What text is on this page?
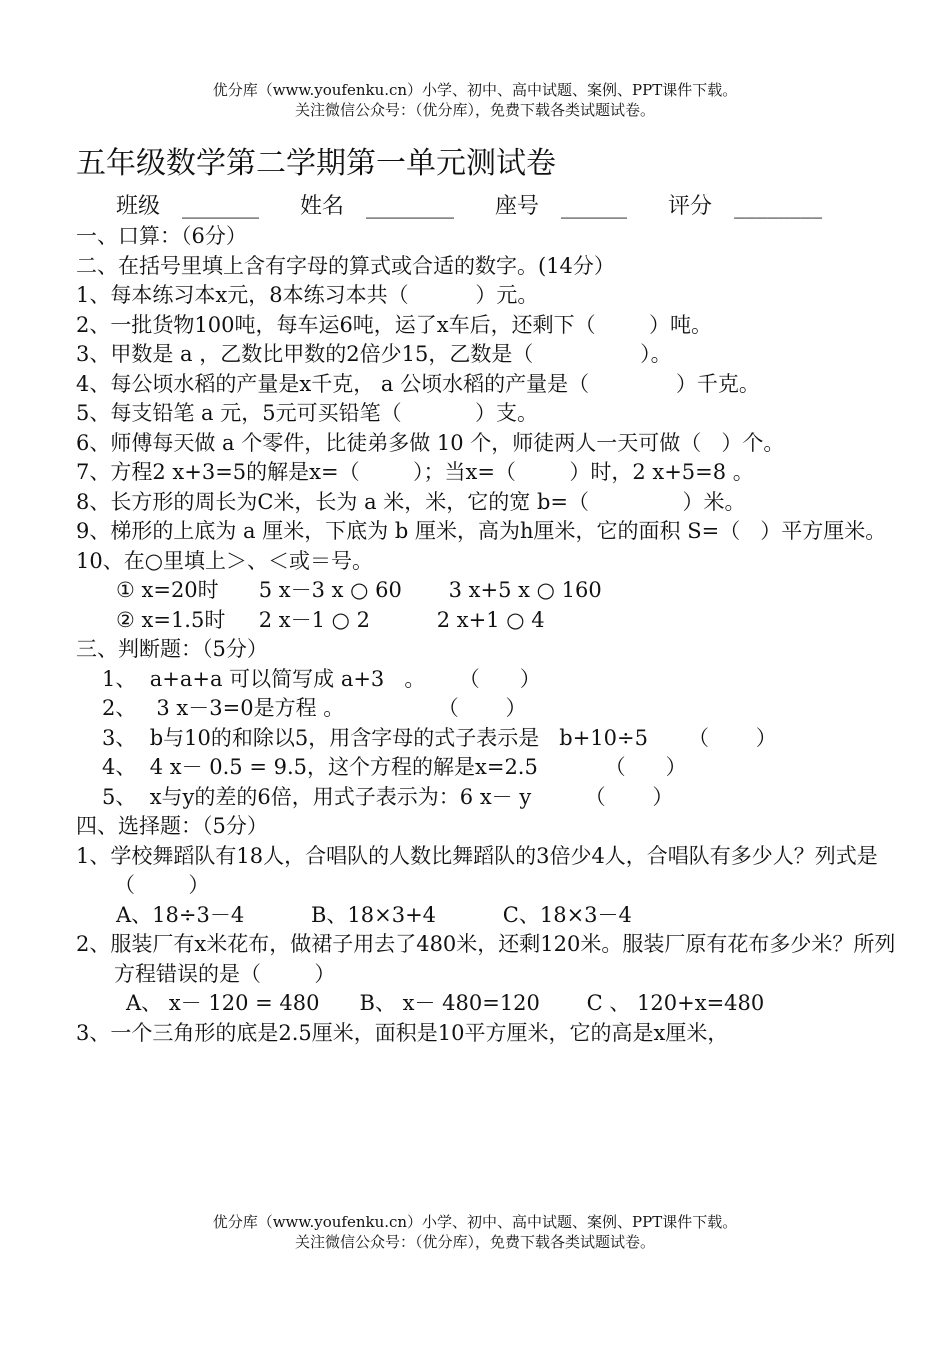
优分库（www.youfenku.cn）小学、初中、高中试题、案例、PPT课件下载。
关注微信公众号：（优分库），免费下载各类试题试卷。
五年级数学第二学期第一单元测试卷
班级 _______ 姓名 ________ 座号 ______ 评分 ________
一、口算：（6分）
二、在括号里填上含有字母的算式或合适的数字。(14分）
1、每本练习本x元，8本练习本共（          ）元。
2、一批货物100吨，每车运6吨，运了x车后，还剩下（        ）吨。
3、甲数是 a ，乙数比甲数的2倍少15，乙数是（                ）。
4、每公顷水稻的产量是x千克， a 公顷水稻的产量是（             ）千克。
5、每支铅笔 a 元，5元可买铅笔（           ）支。
6、师傅每天做 a 个零件，比徒弟多做 10 个，师徒两人一天可做（   ）个。
7、方程2 x+3=5的解是x=（        ）；当x=（        ）时，2 x+5=8 。
8、长方形的周长为C米，长为 a 米，米，它的宽 b=（              ）米。
9、梯形的上底为 a 厘米，下底为 b 厘米，高为h厘米，它的面积 S=（   ）平方厘米。
10、在○里填上＞、＜或＝号。
① x=20时      5 x－3 x ○ 60       3 x+5 x ○ 160
② x=1.5时     2 x－1 ○ 2          2 x+1 ○ 4
三、判断题：（5分）
1、  a+a+a 可以简写成 a+3   。     （      ）
2、   3 x－3=0是方程 。              （       ）
3、  b与10的和除以5，用含字母的式子表示是   b+10÷5      （       ）
4、  4 x－ 0.5 = 9.5，这个方程的解是x=2.5          （      ）
5、  x与y的差的6倍，用式子表示为：6 x－ y        （       ）
四、选择题：（5分）
1、学校舞蹈队有18人，合唱队的人数比舞蹈队的3倍少4人，合唱队有多少人？列式是（        ）
A、18÷3－4          B、18×3+4          C、18×3－4
2、服装厂有x米花布，做裙子用去了480米，还剩120米。服装厂原有花布多少米？所列方程错误的是（        ）
A、 x－ 120 = 480      B、 x－ 480=120       C 、 120+x=480
3、一个三角形的底是2.5厘米，面积是10平方厘米，它的高是x厘米，
优分库（www.youfenku.cn）小学、初中、高中试题、案例、PPT课件下载。
关注微信公众号：（优分库），免费下载各类试题试卷。
